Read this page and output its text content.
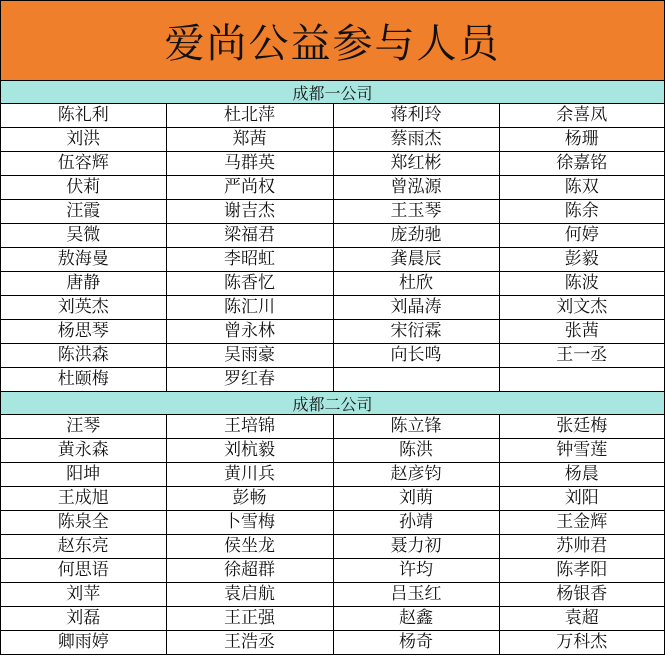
爱尚公益参与人员
成都一公司
陈礼利	杜北萍	蒋利玲	余喜凤
刘洪	郑茜	蔡雨杰	杨珊
伍容辉	马群英	郑红彬	徐嘉铭
伏莉	严尚权	曾泓源	陈双
汪霞	谢吉杰	王玉琴	陈余
吴微	梁福君	庞劲驰	何婷
敖海曼	李昭虹	龚晨辰	彭毅
唐静	陈香忆	杜欣	陈波
刘英杰	陈汇川	刘晶涛	刘文杰
杨思琴	曾永林	宋衍霖	张茜
陈洪森	吴雨豪	向长鸣	王一丞
杜颐梅	罗红春		
成都二公司
汪琴	王培锦	陈立锋	张廷梅
黄永森	刘杭毅	陈洪	钟雪莲
阳坤	黄川兵	赵彦钧	杨晨
王成旭	彭畅	刘萌	刘阳
陈泉全	卜雪梅	孙靖	王金辉
赵东亮	侯坐龙	聂力初	苏帅君
何思语	徐超群	许均	陈孝阳
刘苹	袁启航	吕玉红	杨银香
刘磊	王正强	赵鑫	袁超
卿雨婷	王浩丞	杨奇	万科杰
